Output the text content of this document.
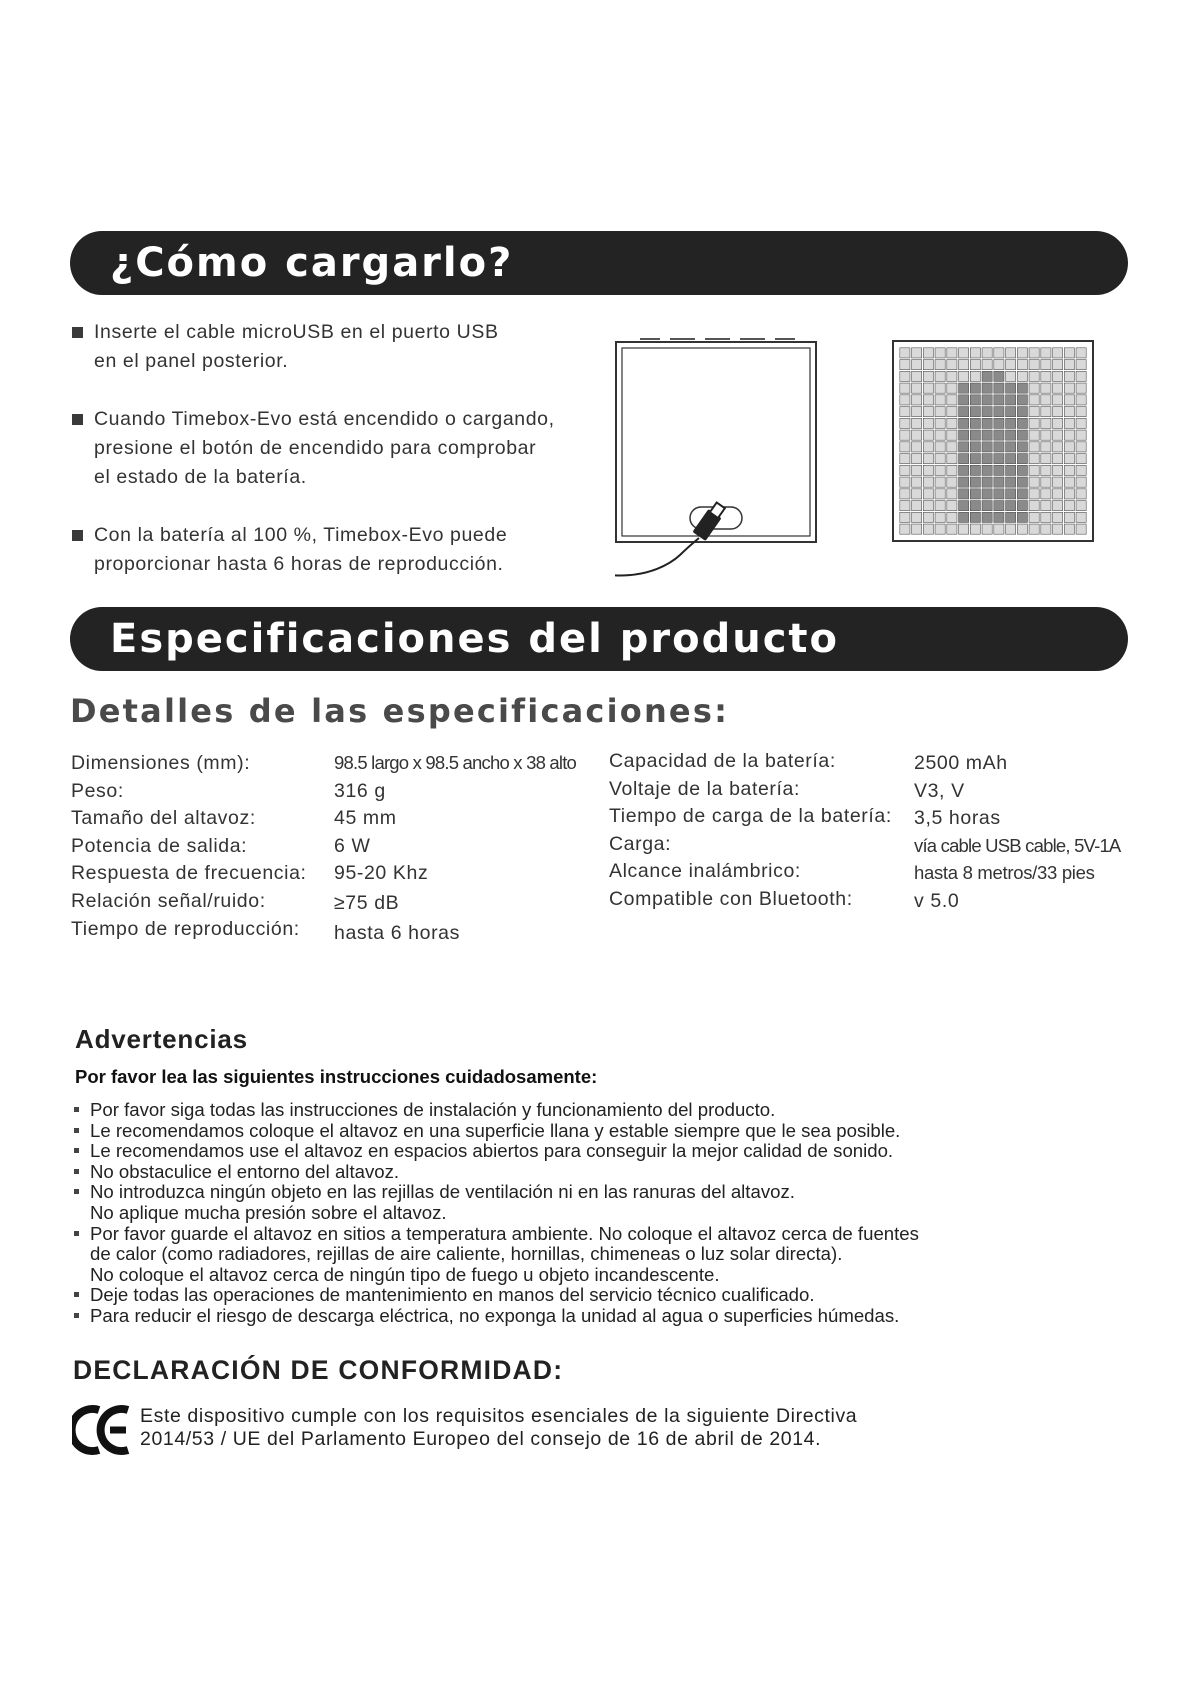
¿Cómo cargarlo?
Inserte el cable microUSB en el puerto USB
en el panel posterior.
Cuando Timebox-Evo está encendido o cargando,
presione el botón de encendido para comprobar
el estado de la batería.
Con la batería al 100 %, Timebox-Evo puede
proporcionar hasta 6 horas de reproducción.
Especificaciones del producto
Detalles de las especificaciones:
Dimensiones (mm):	98.5 largo x 98.5 ancho x 38 alto
Peso:	316 g
Tamaño del altavoz:	45 mm
Potencia de salida:	6 W
Respuesta de frecuencia: 95-20 Khz
Relación señal/ruido:	≥75 dB
Tiempo de reproducción: hasta 6 horas
Capacidad de la batería:	2500 mAh
Voltaje de la batería:	V3, V
Tiempo de carga de la batería: 3,5 horas
Carga:	vía cable USB cable, 5V-1A
Alcance inalámbrico:	hasta 8 metros/33 pies
Compatible con Bluetooth:	v 5.0
Advertencias
Por favor lea las siguientes instrucciones cuidadosamente:
Por favor siga todas las instrucciones de instalación y funcionamiento del producto.
Le recomendamos coloque el altavoz en una superficie llana y estable siempre que le sea posible.
Le recomendamos use el altavoz en espacios abiertos para conseguir la mejor calidad de sonido.
No obstaculice el entorno del altavoz.
No introduzca ningún objeto en las rejillas de ventilación ni en las ranuras del altavoz.
No aplique mucha presión sobre el altavoz.
Por favor guarde el altavoz en sitios a temperatura ambiente. No coloque el altavoz cerca de fuentes
de calor (como radiadores, rejillas de aire caliente, hornillas, chimeneas o luz solar directa).
No coloque el altavoz cerca de ningún tipo de fuego u objeto incandescente.
Deje todas las operaciones de mantenimiento en manos del servicio técnico cualificado.
Para reducir el riesgo de descarga eléctrica, no exponga la unidad al agua o superficies húmedas.
DECLARACIÓN DE CONFORMIDAD:
Este dispositivo cumple con los requisitos esenciales de la siguiente Directiva
2014/53 / UE del Parlamento Europeo del consejo de 16 de abril de 2014.
